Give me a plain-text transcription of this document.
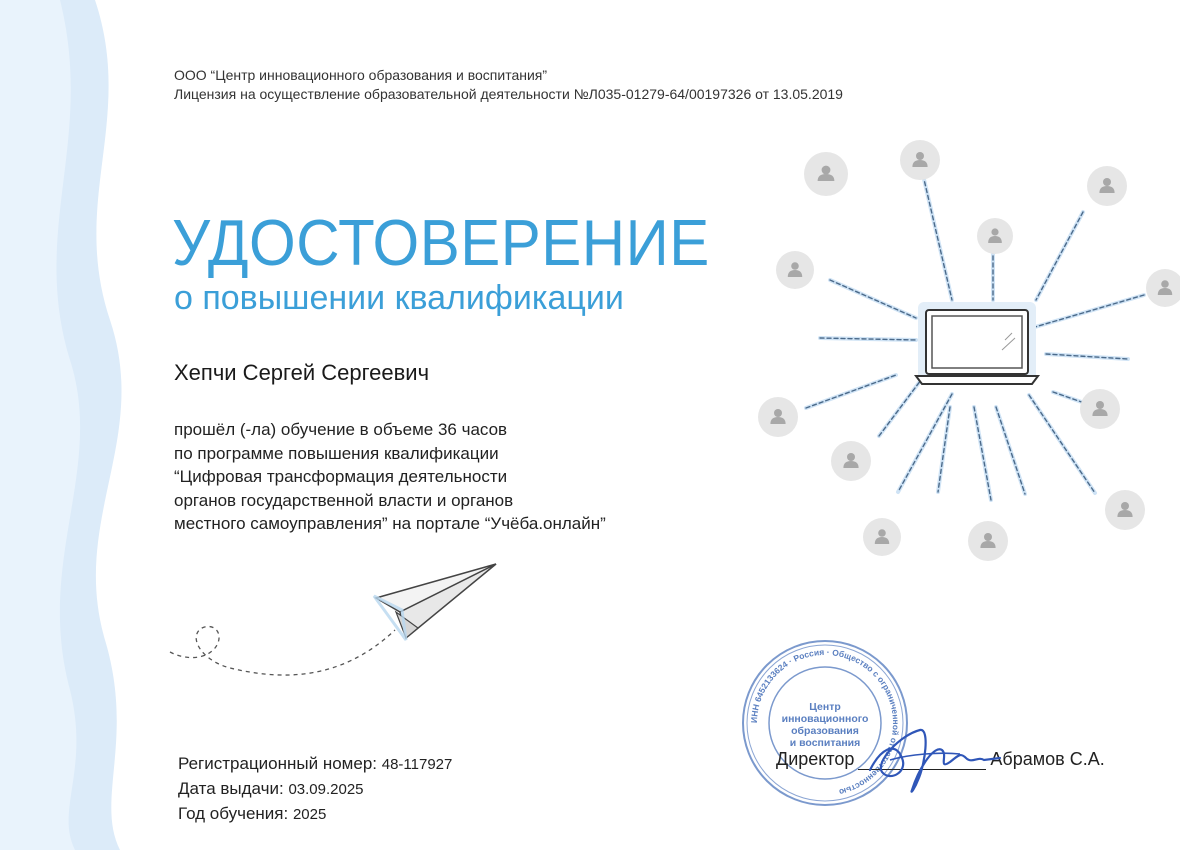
ООО “Центр инновационного образования и воспитания”
Лицензия на осуществление образовательной деятельности №Л035-01279-64/00197326 от 13.05.2019
УДОСТОВЕРЕНИЕ
о повышении квалификации
Хепчи Сергей Сергеевич
прошёл (-ла) обучение в объеме 36 часов
по программе повышения квалификации
“Цифровая трансформация деятельности
органов государственной власти и органов
местного самоуправления” на портале “Учёба.онлайн”
Регистрационный номер: 48-117927
Дата выдачи: 03.09.2025
Год обучения: 2025
ИНН 6452133624 · Россия · Общество с ограниченной ответственностью
Центр
инновационного
образования
и воспитания
Директор	Абрамов С.А.
